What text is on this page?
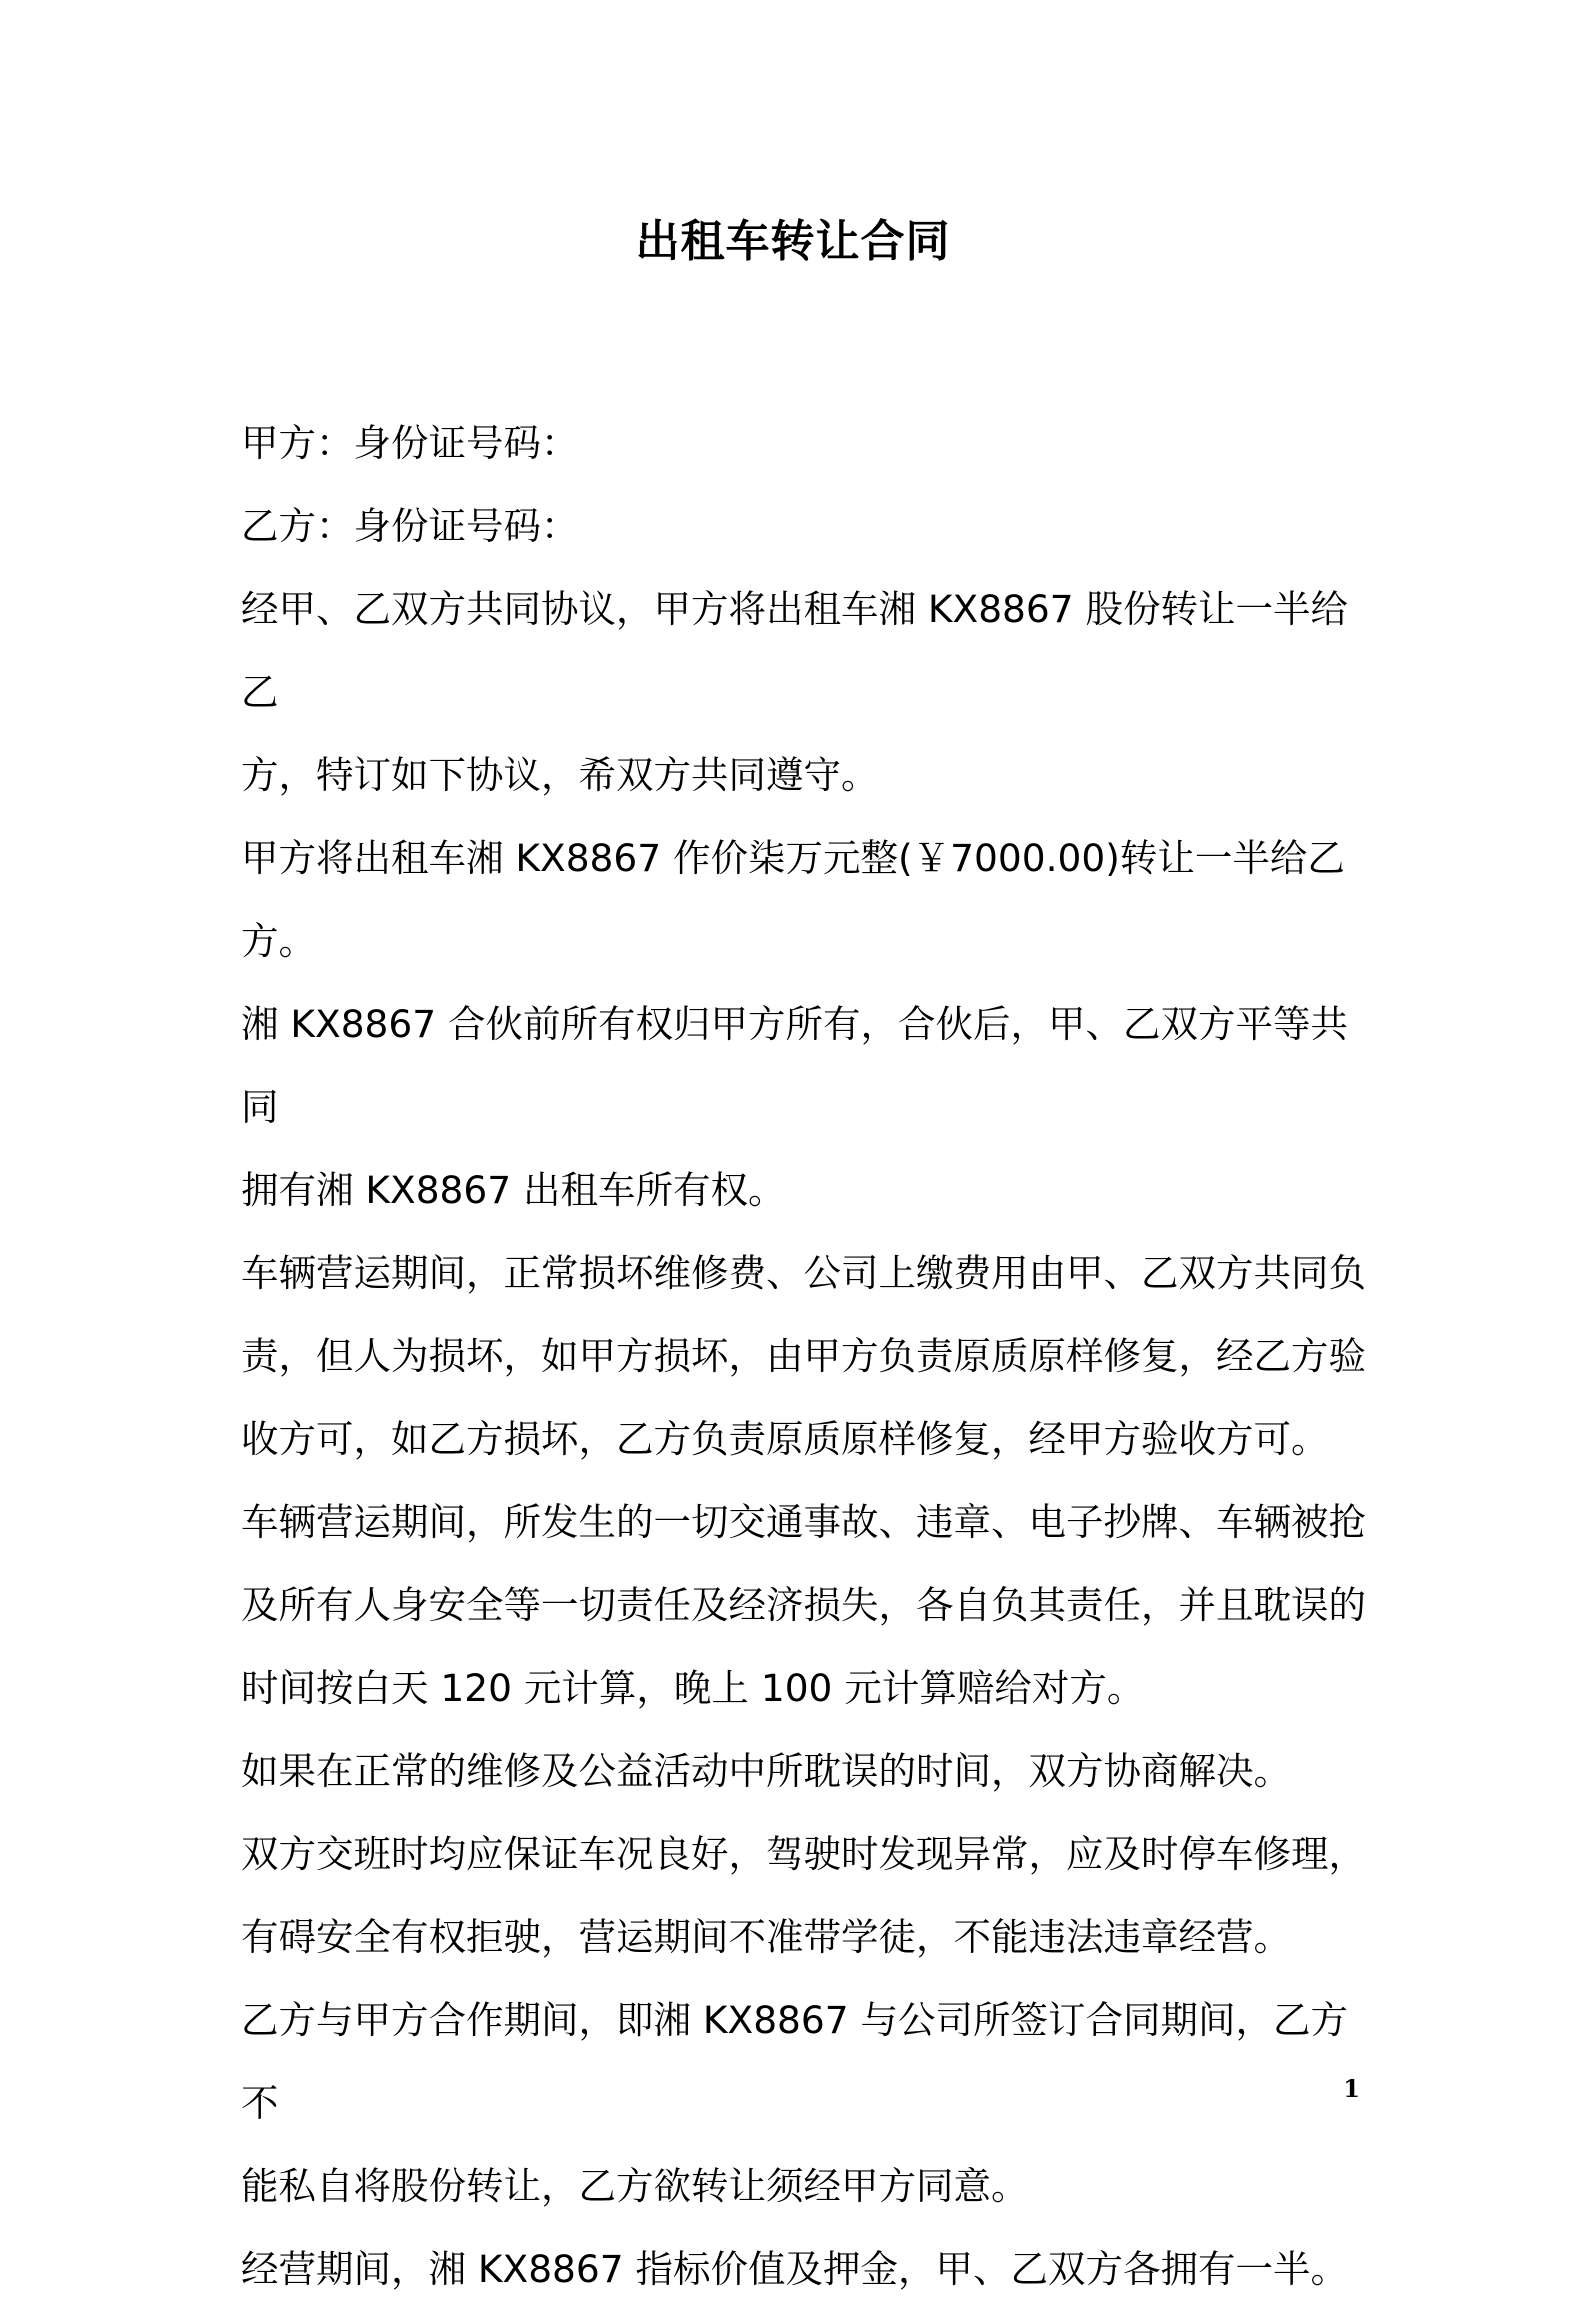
出租车转让合同

甲方：身份证号码：

乙方：身份证号码：

经甲、乙双方共同协议，甲方将出租车湘 KX8867 股份转让一半给乙

方，特订如下协议，希双方共同遵守。

甲方将出租车湘 KX8867 作价柒万元整(￥7000.00)转让一半给乙方。

湘 KX8867 合伙前所有权归甲方所有，合伙后，甲、乙双方平等共同

拥有湘 KX8867 出租车所有权。

车辆营运期间，正常损坏维修费、公司上缴费用由甲、乙双方共同负

责，但人为损坏，如甲方损坏，由甲方负责原质原样修复，经乙方验

收方可，如乙方损坏，乙方负责原质原样修复，经甲方验收方可。

车辆营运期间，所发生的一切交通事故、违章、电子抄牌、车辆被抢

及所有人身安全等一切责任及经济损失，各自负其责任，并且耽误的

时间按白天 120 元计算，晚上 100 元计算赔给对方。

如果在正常的维修及公益活动中所耽误的时间，双方协商解决。

双方交班时均应保证车况良好，驾驶时发现异常，应及时停车修理，

有碍安全有权拒驶，营运期间不准带学徒，不能违法违章经营。

乙方与甲方合作期间，即湘 KX8867 与公司所签订合同期间，乙方不

能私自将股份转让，乙方欲转让须经甲方同意。

经营期间，湘 KX8867 指标价值及押金，甲、乙双方各拥有一半。

1
